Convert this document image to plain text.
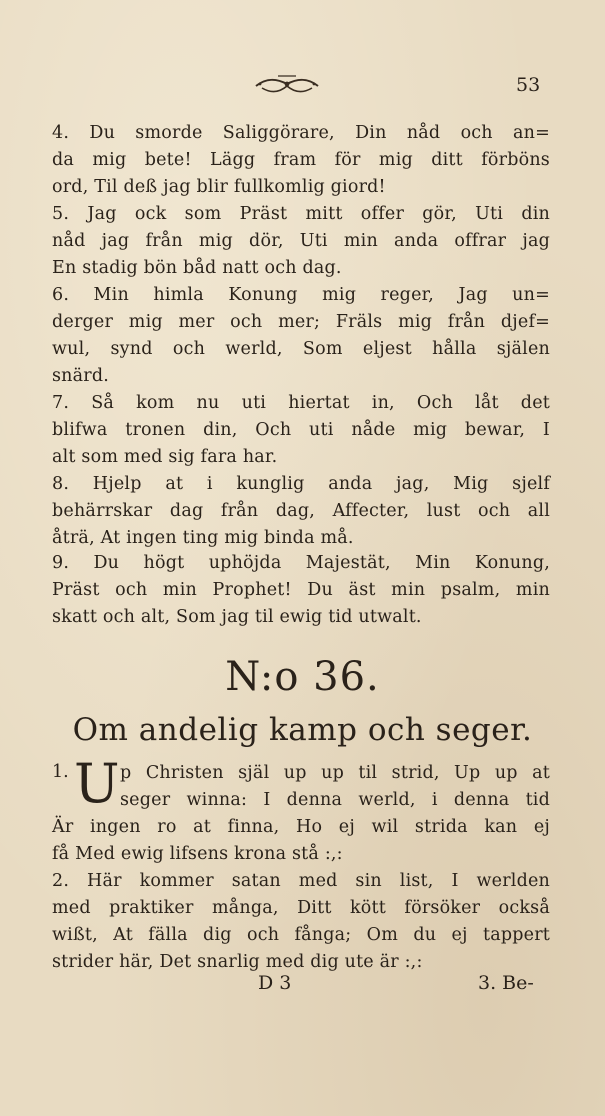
53
4. Du smorde Saliggörare, Din nåd och an=
da mig bete! Lägg fram för mig ditt förböns
ord, Til deß jag blir fullkomlig giord!
5. Jag ock som Präst mitt offer gör, Uti din
nåd jag från mig dör, Uti min anda offrar jag
En stadig bön båd natt och dag.
6. Min himla Konung mig reger, Jag un=
derger mig mer och mer; Fräls mig från djef=
wul, synd och werld, Som eljest hålla själen
snärd.
7. Så kom nu uti hiertat in, Och låt det
blifwa tronen din, Och uti nåde mig bewar, I
alt som med sig fara har.
8. Hjelp at i kunglig anda jag, Mig sjelf
behärrskar dag från dag, Affecter, lust och all
åträ, At ingen ting mig binda må.
9. Du högt uphöjda Majestät, Min Konung,
Präst och min Prophet! Du äst min psalm, min
skatt och alt, Som jag til ewig tid utwalt.
N:o 36.
Om andelig kamp och seger.
1. U p Christen själ up up til strid, Up up at
seger winna: I denna werld, i denna tid
Är ingen ro at finna, Ho ej wil strida kan ej
få Med ewig lifsens krona stå :,:
2. Här kommer satan med sin list, I werlden
med praktiker många, Ditt kött försöker också
wißt, At fälla dig och fånga; Om du ej tappert
strider här, Det snarlig med dig ute är :,:
D 3	3. Be-
